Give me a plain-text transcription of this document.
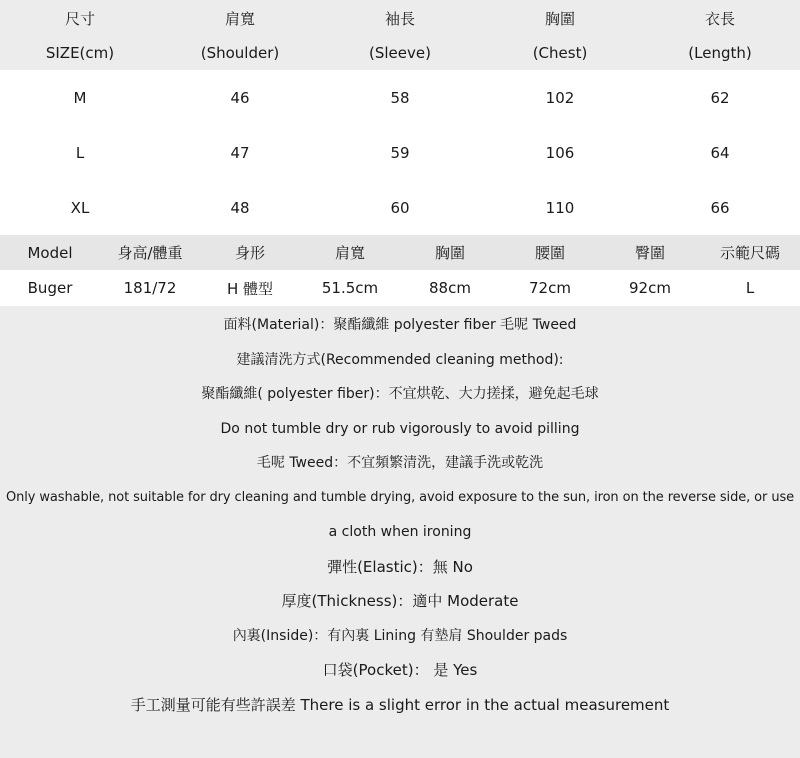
尺寸	肩寬	袖長	胸圍	衣長
SIZE(cm)	(Shoulder)	(Sleeve)	(Chest)	(Length)
M	46	58	102	62
L	47	59	106	64
XL	48	60	110	66
Model	身高/體重	身形	肩寬	胸圍	腰圍	臀圍	示範尺碼
Buger	181/72	H 體型	51.5cm	88cm	72cm	92cm	L
面料(Material)：聚酯纖維 polyester fiber 毛呢 Tweed
建議清洗方式(Recommended cleaning method):
聚酯纖維( polyester fiber)：不宜烘乾、大力搓揉，避免起毛球
Do not tumble dry or rub vigorously to avoid pilling
毛呢 Tweed：不宜頻繁清洗，建議手洗或乾洗
Only washable, not suitable for dry cleaning and tumble drying, avoid exposure to the sun, iron on the reverse side, or use
a cloth when ironing
彈性(Elastic)：無 No
厚度(Thickness)：適中 Moderate
內裏(Inside)：有內裏 Lining 有墊肩 Shoulder pads
口袋(Pocket)： 是 Yes
手工測量可能有些許誤差 There is a slight error in the actual measurement
